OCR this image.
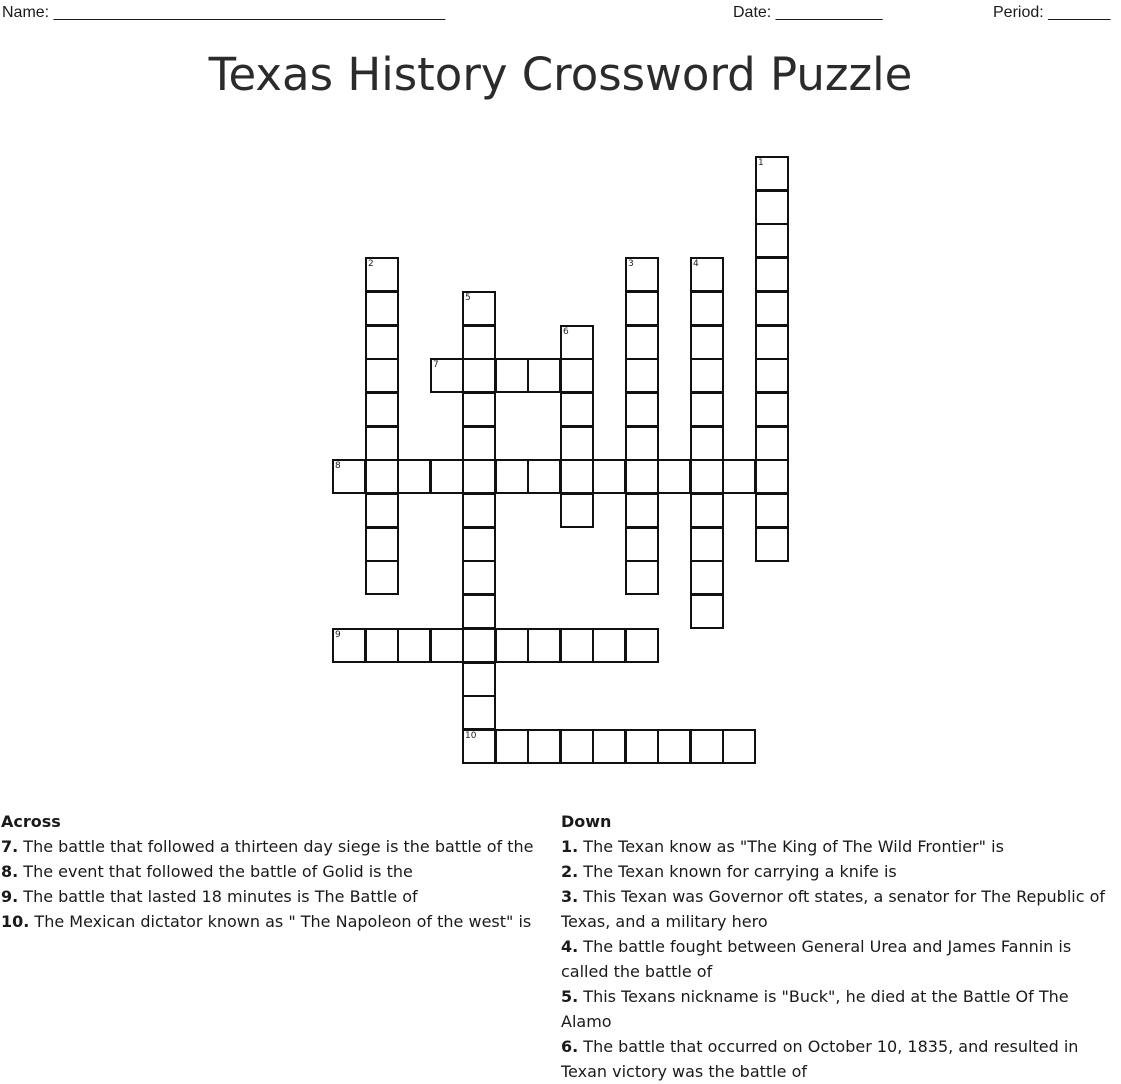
Name: ____________________________________________	Date: ____________	Period: _______
Texas History Crossword Puzzle
1
2	3	4
5
10
6
7
8
9
Across
7. The battle that followed a thirteen day siege is the battle of the
8. The event that followed the battle of Golid is the
9. The battle that lasted 18 minutes is The Battle of
10. The Mexican dictator known as " The Napoleon of the west" is
Down
1. The Texan know as "The King of The Wild Frontier" is
2. The Texan known for carrying a knife is
3. This Texan was Governor oft states, a senator for The Republic of Texas, and a military hero
4. The battle fought between General Urea and James Fannin is called the battle of
5. This Texans nickname is "Buck", he died at the Battle Of The Alamo
6. The battle that occurred on October 10, 1835, and resulted in Texan victory was the battle of
